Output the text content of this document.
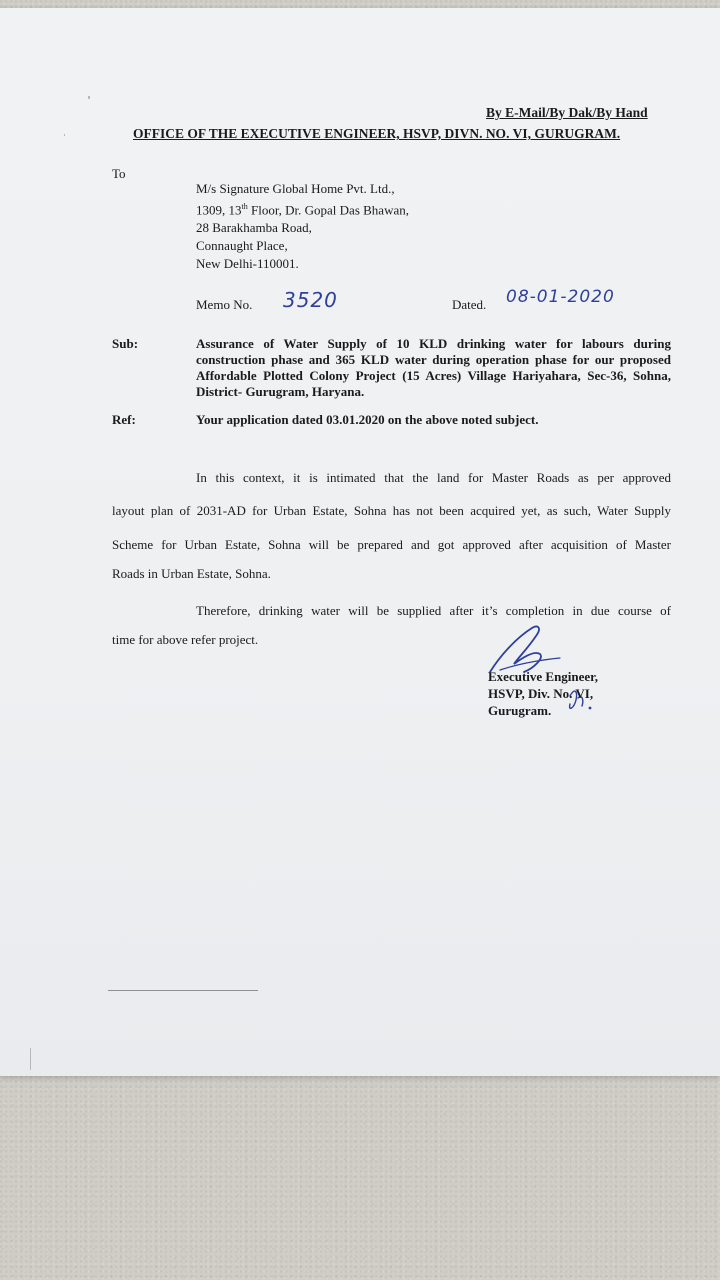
By E-Mail/By Dak/By Hand
OFFICE OF THE EXECUTIVE ENGINEER, HSVP, DIVN. NO. VI, GURUGRAM.
To
M/s Signature Global Home Pvt. Ltd.,
1309, 13th Floor, Dr. Gopal Das Bhawan,
28 Barakhamba Road,
Connaught Place,
New Delhi-110001.
Memo No. 3520	Dated. 08-01-2020
Sub:	Assurance of Water Supply of 10 KLD drinking water for labours during construction phase and 365 KLD water during operation phase for our proposed Affordable Plotted Colony Project (15 Acres) Village Hariyahara, Sec-36, Sohna, District- Gurugram, Haryana.
Ref:	Your application dated 03.01.2020 on the above noted subject.
In this context, it is intimated that the land for Master Roads as per approved
layout plan of 2031-AD for Urban Estate, Sohna has not been acquired yet, as such, Water Supply
Scheme for Urban Estate, Sohna will be prepared and got approved after acquisition of Master
Roads in Urban Estate, Sohna.
Therefore, drinking water will be supplied after it’s completion in due course of
time for above refer project.
Executive Engineer,
HSVP, Div. No. VI,
Gurugram.
